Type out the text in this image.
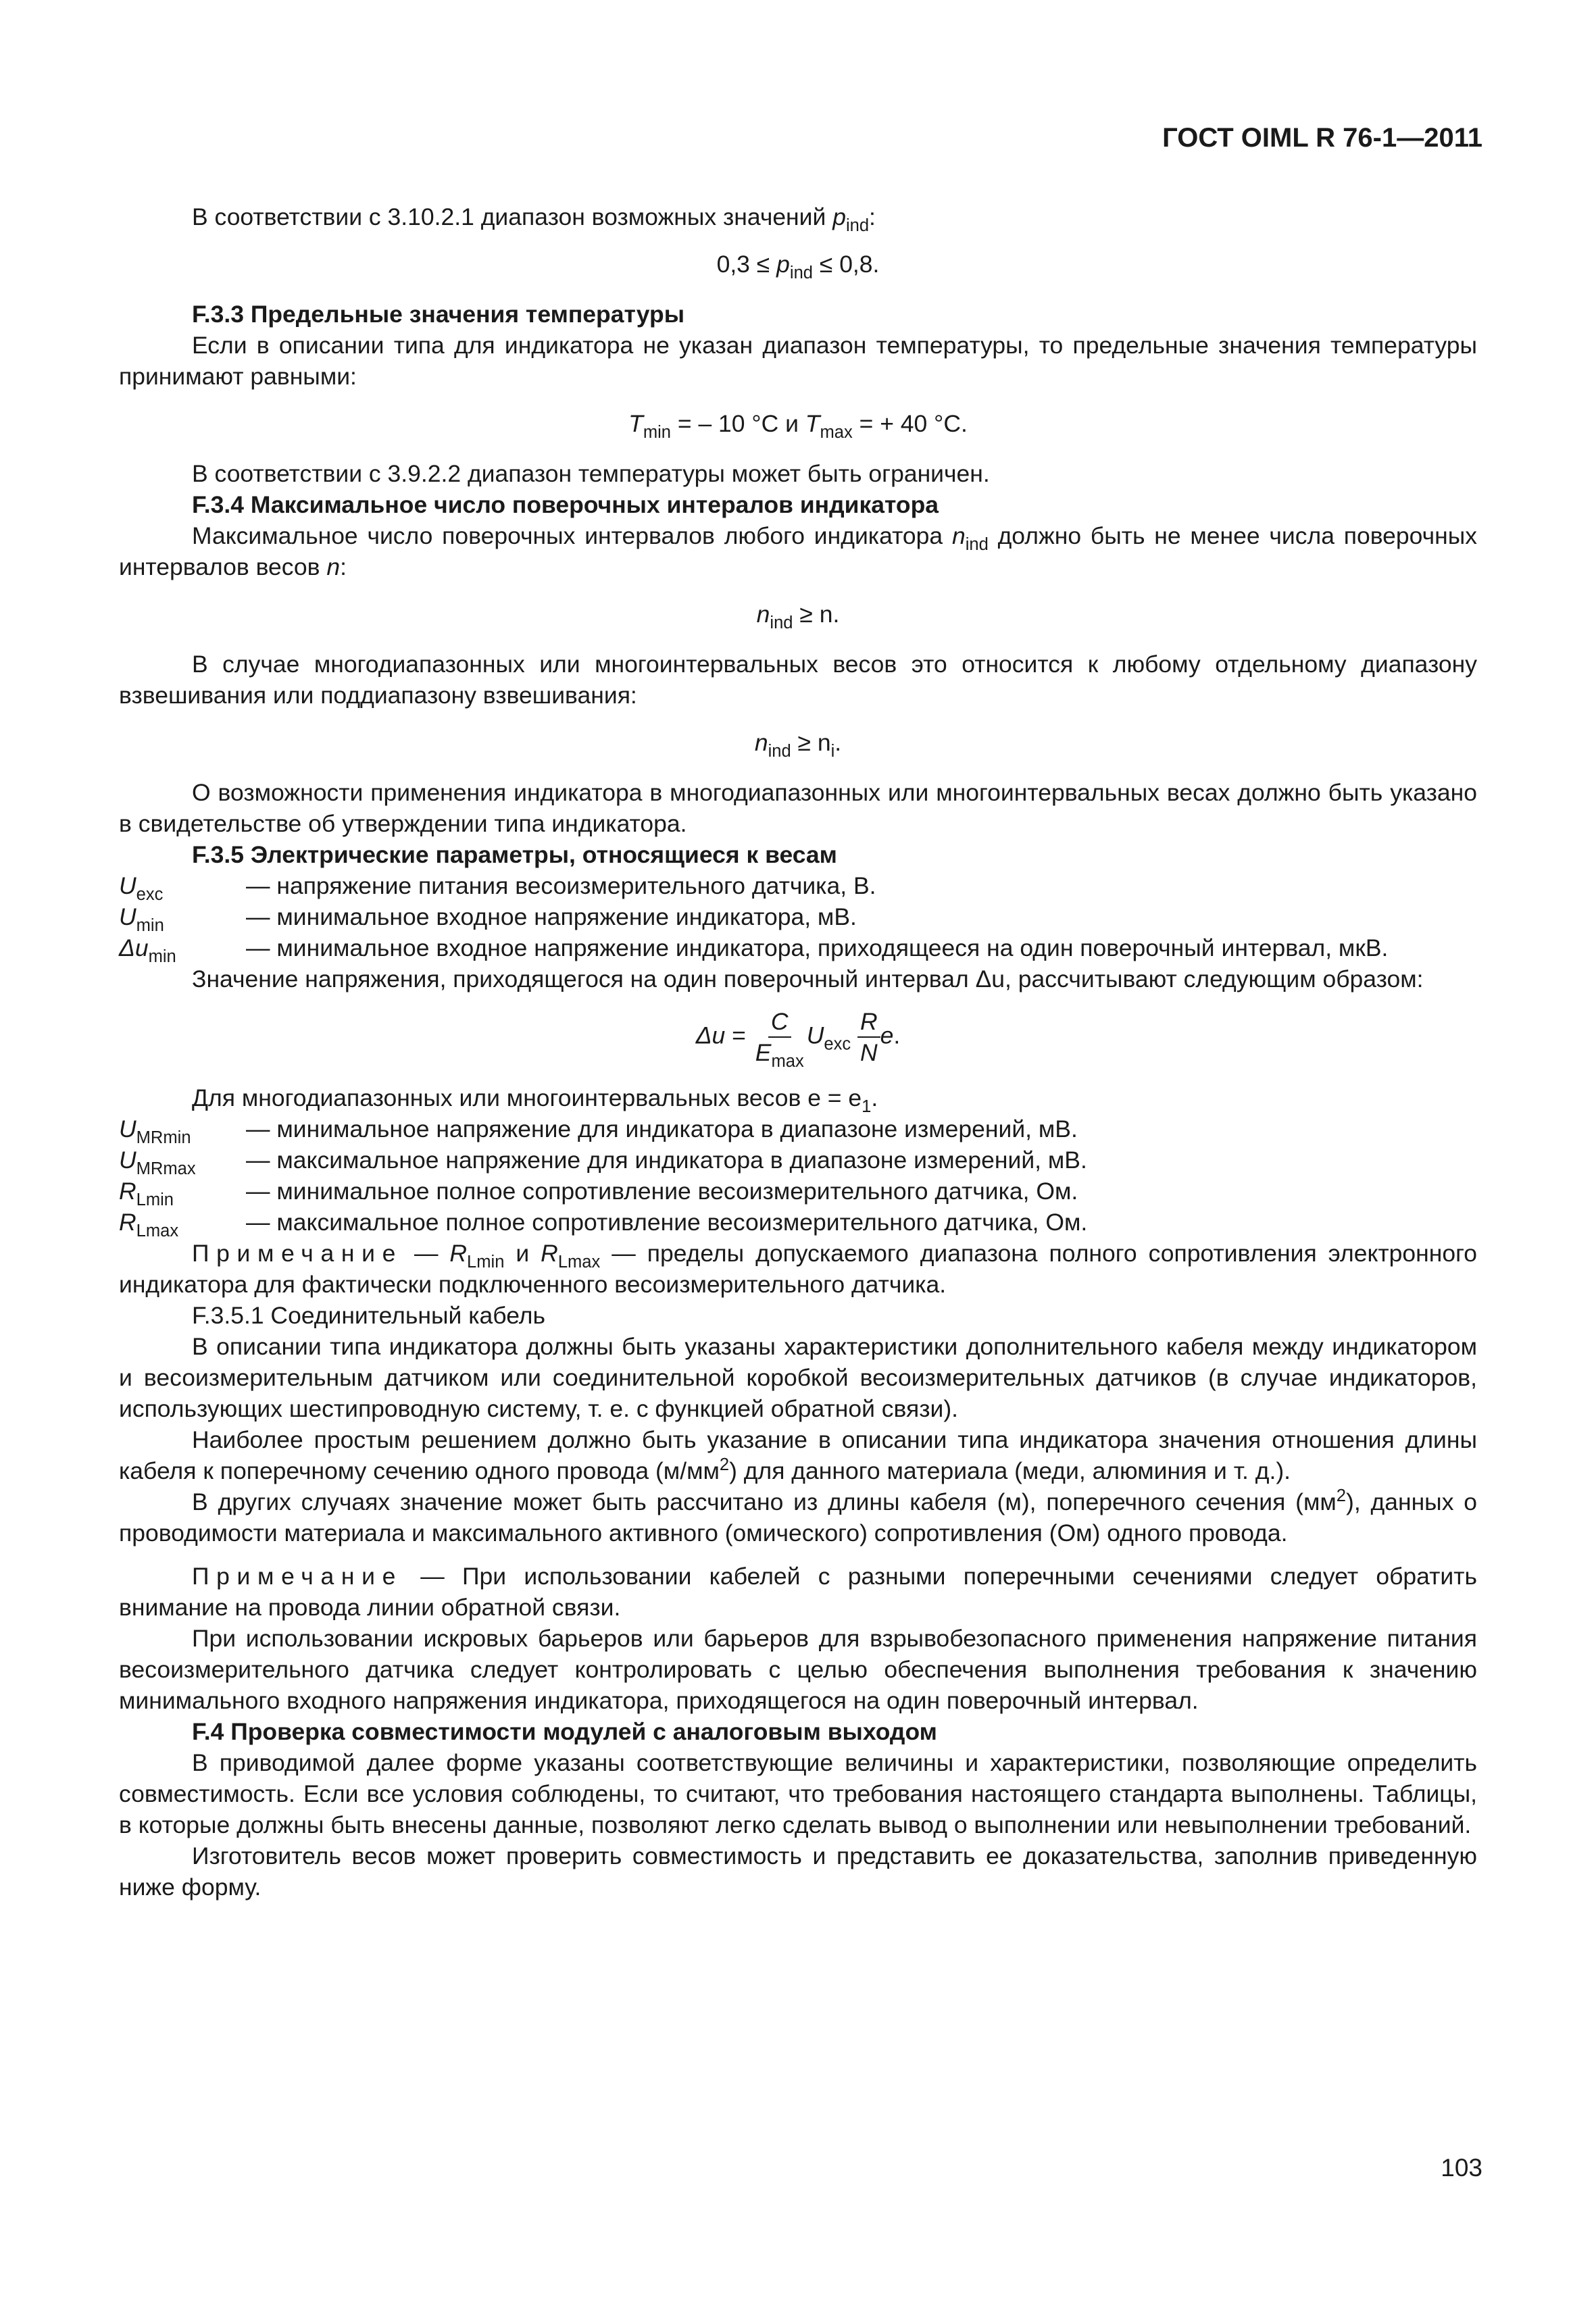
ГОСТ OIML R 76-1—2011

В соответствии с 3.10.2.1 диапазон возможных значений $p_{ind}$:

$0,3 \le p_{ind} \le 0,8$.

F.3.3 Предельные значения температуры

Если в описании типа для индикатора не указан диапазон температуры, то предельные значения температуры принимают равными:

$T_{min}$ = – 10 °C и $T_{max}$ = + 40 °C.

В соответствии с 3.9.2.2 диапазон температуры может быть ограничен.

F.3.4 Максимальное число поверочных интералов индикатора

Максимальное число поверочных интервалов любого индикатора $n_{ind}$ должно быть не менее числа поверочных интервалов весов n:

$n_{ind} \ge n$.

В случае многодиапазонных или многоинтервальных весов это относится к любому отдельному диапазону взвешивания или поддиапазону взвешивания:

$n_{ind} \ge n_i$.

О возможности применения индикатора в многодиапазонных или многоинтервальных весах должно быть указано в свидетельстве об утверждении типа индикатора.

F.3.5 Электрические параметры, относящиеся к весам

$U_{exc}$	— напряжение питания весоизмерительного датчика, В.
$U_{min}$	— минимальное входное напряжение индикатора, мВ.
$\Delta u_{min}$	— минимальное входное напряжение индикатора, приходящееся на один поверочный интервал, мкВ.

Значение напряжения, приходящегося на один поверочный интервал Δu, рассчитывают следующим образом:

$\Delta u = \frac{C}{E_{max}} U_{exc} \frac{R}{N} e$.

Для многодиапазонных или многоинтервальных весов $e = e_1$.

$U_{MRmin}$	— минимальное напряжение для индикатора в диапазоне измерений, мВ.
$U_{MRmax}$	— максимальное напряжение для индикатора в диапазоне измерений, мВ.
$R_{Lmin}$	— минимальное полное сопротивление весоизмерительного датчика, Ом.
$R_{Lmax}$	— максимальное полное сопротивление весоизмерительного датчика, Ом.

Примечание — $R_{Lmin}$ и $R_{Lmax}$ — пределы допускаемого диапазона полного сопротивления электронного индикатора для фактически подключенного весоизмерительного датчика.

F.3.5.1 Соединительный кабель

В описании типа индикатора должны быть указаны характеристики дополнительного кабеля между индикатором и весоизмерительным датчиком или соединительной коробкой весоизмерительных датчиков (в случае индикаторов, использующих шестипроводную систему, т. е. с функцией обратной связи).

Наиболее простым решением должно быть указание в описании типа индикатора значения отношения длины кабеля к поперечному сечению одного провода $(м/мм^2)$ для данного материала (меди, алюминия и т. д.).

В других случаях значение может быть рассчитано из длины кабеля (м), поперечного сечения $(мм^2)$, данных о проводимости материала и максимального активного (омического) сопротивления (Ом) одного провода.

Примечание — При использовании кабелей с разными поперечными сечениями следует обратить внимание на провода линии обратной связи.

При использовании искровых барьеров или барьеров для взрывобезопасного применения напряжение питания весоизмерительного датчика следует контролировать с целью обеспечения выполнения требования к значению минимального входного напряжения индикатора, приходящегося на один поверочный интервал.

F.4 Проверка совместимости модулей с аналоговым выходом

В приводимой далее форме указаны соответствующие величины и характеристики, позволяющие определить совместимость. Если все условия соблюдены, то считают, что требования настоящего стандарта выполнены. Таблицы, в которые должны быть внесены данные, позволяют легко сделать вывод о выполнении или невыполнении требований.

Изготовитель весов может проверить совместимость и представить ее доказательства, заполнив приведенную ниже форму.

103
